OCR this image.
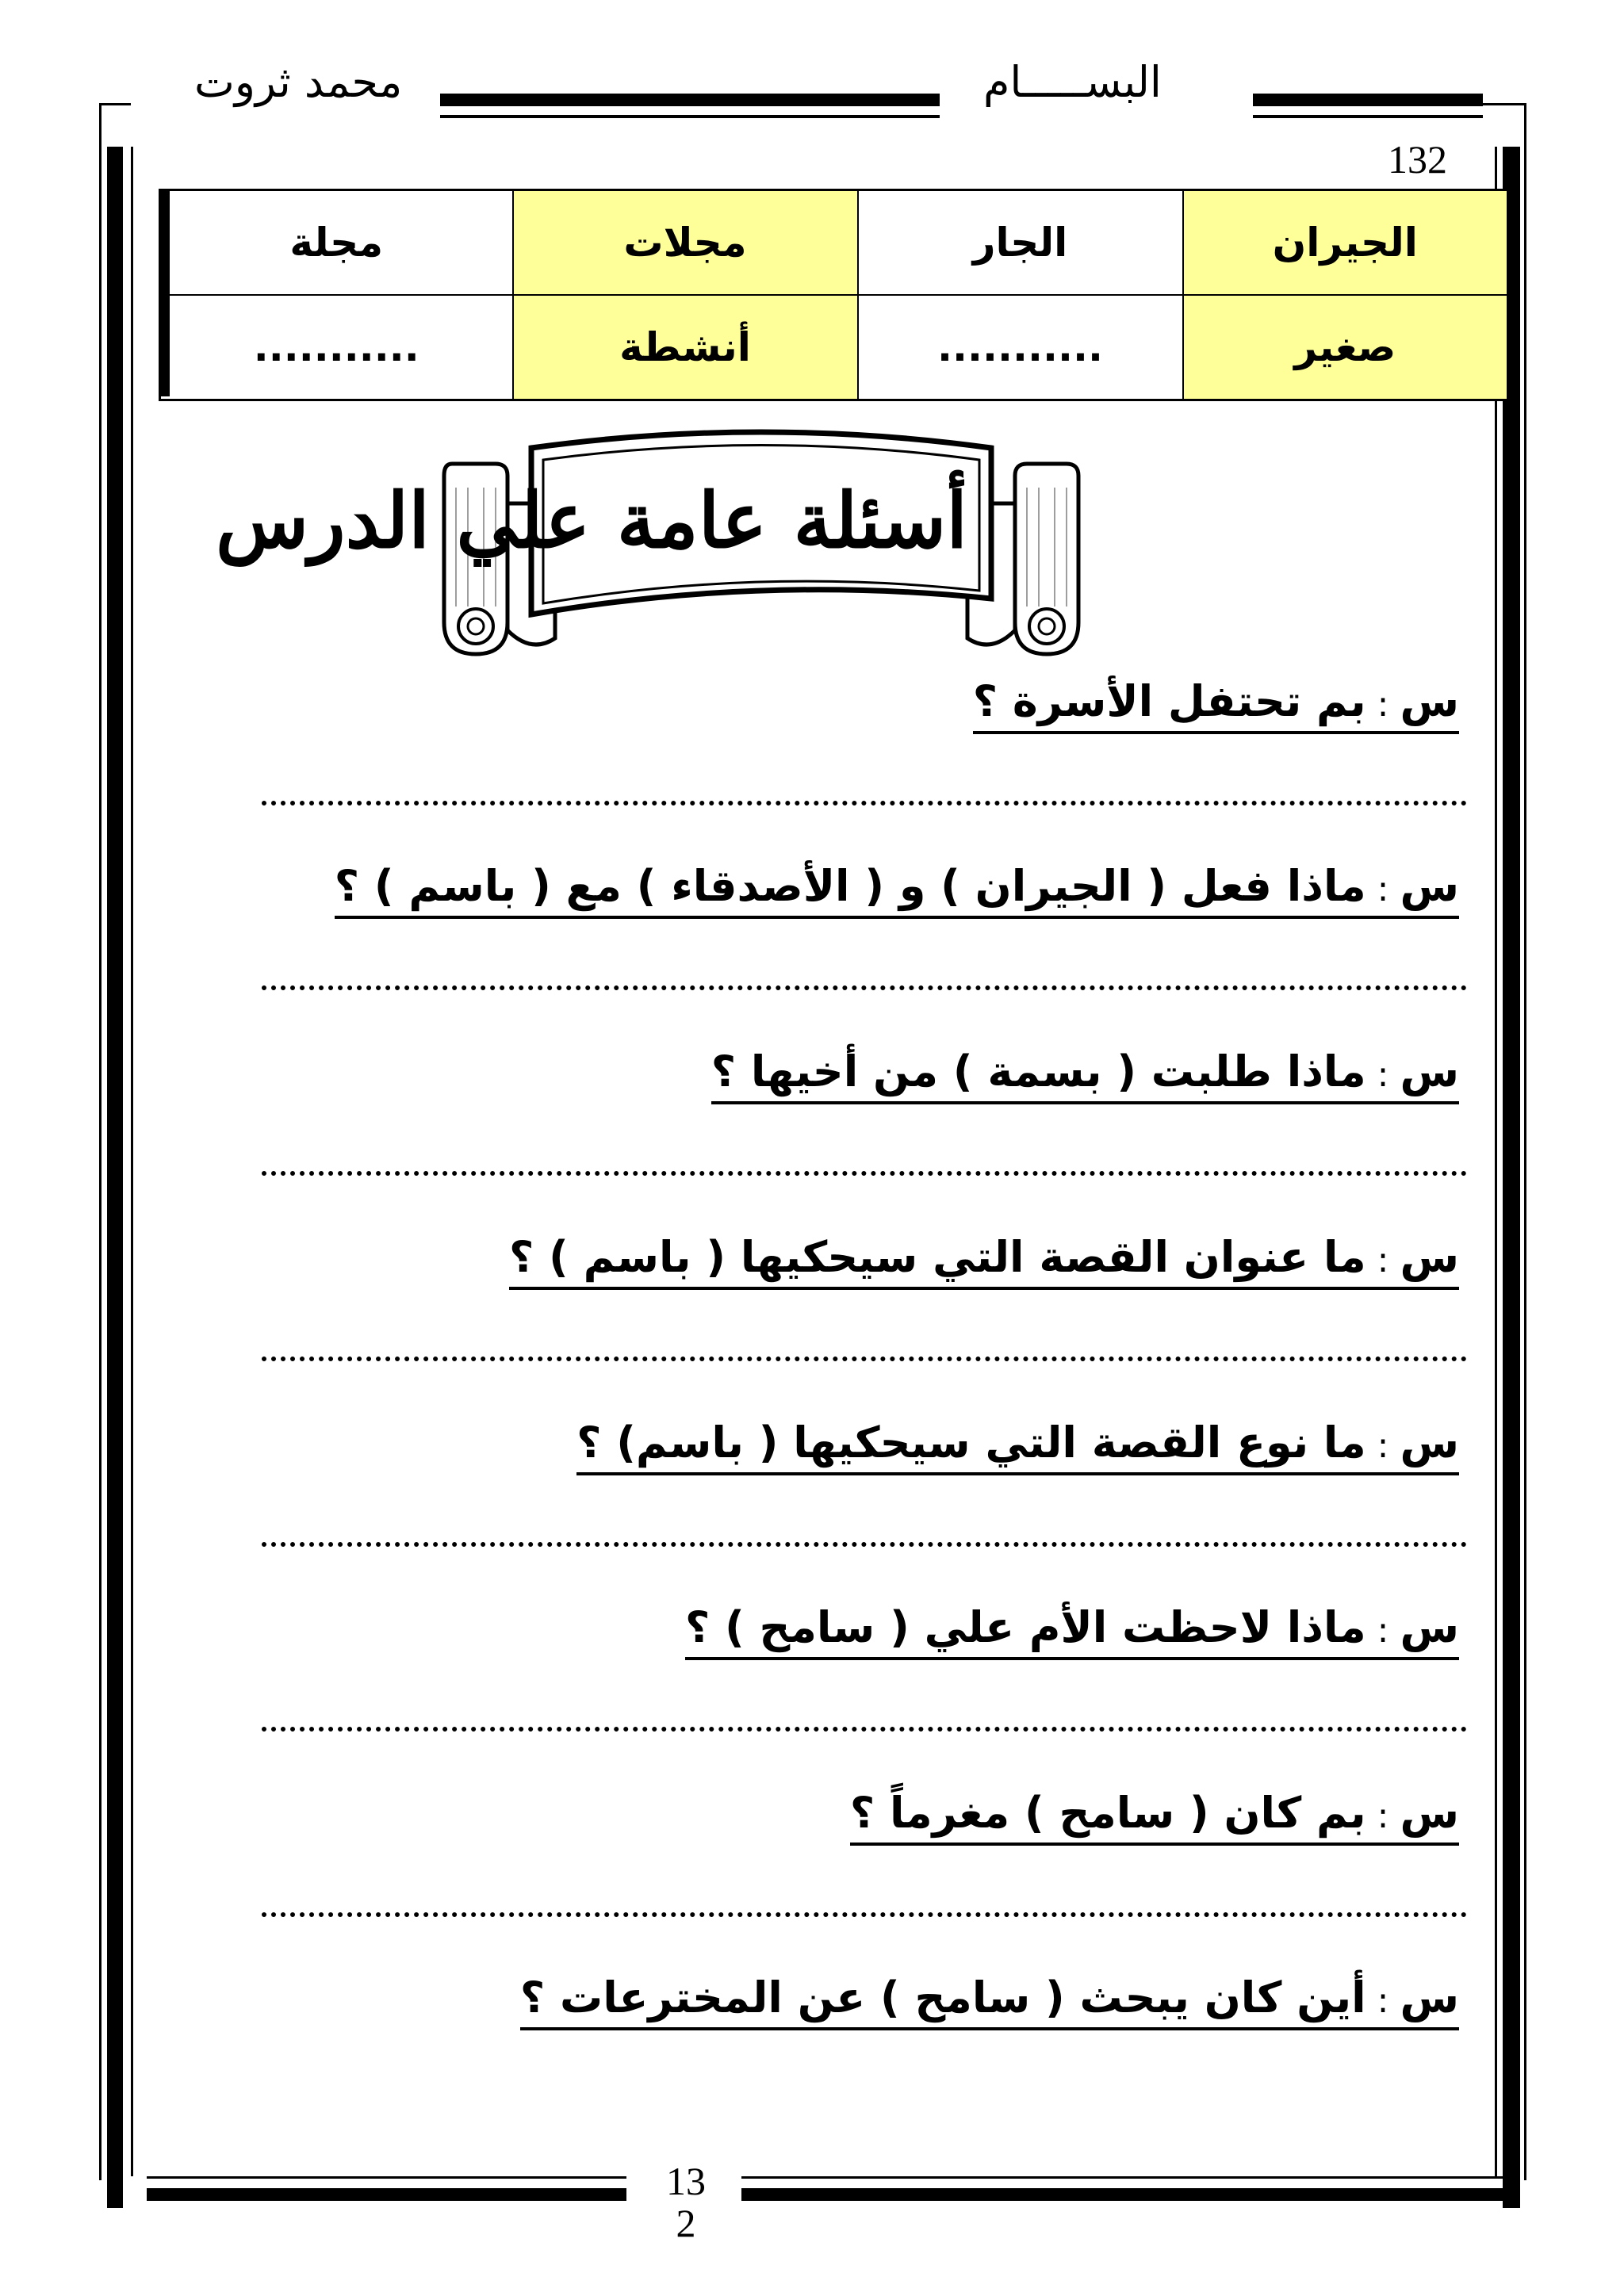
محمد ثروت	البســـــام
132
الجيران	الجار	مجلات	مجلة
صغير	...........	أنشطة	...........
أسئلة عامة علي الدرس
س:بم تحتفل الأسرة ؟
س:ماذا فعل ( الجيران ) و ( الأصدقاء ) مع ( باسم ) ؟
س:ماذا طلبت ( بسمة ) من أخيها ؟
س:ما عنوان القصة التي سيحكيها ( باسم ) ؟
س:ما نوع القصة التي سيحكيها ( باسم) ؟
س:ماذا لاحظت الأم علي ( سامح ) ؟
س:بم كان ( سامح ) مغرماً ؟
س:أين كان يبحث ( سامح ) عن المخترعات ؟
13
2
